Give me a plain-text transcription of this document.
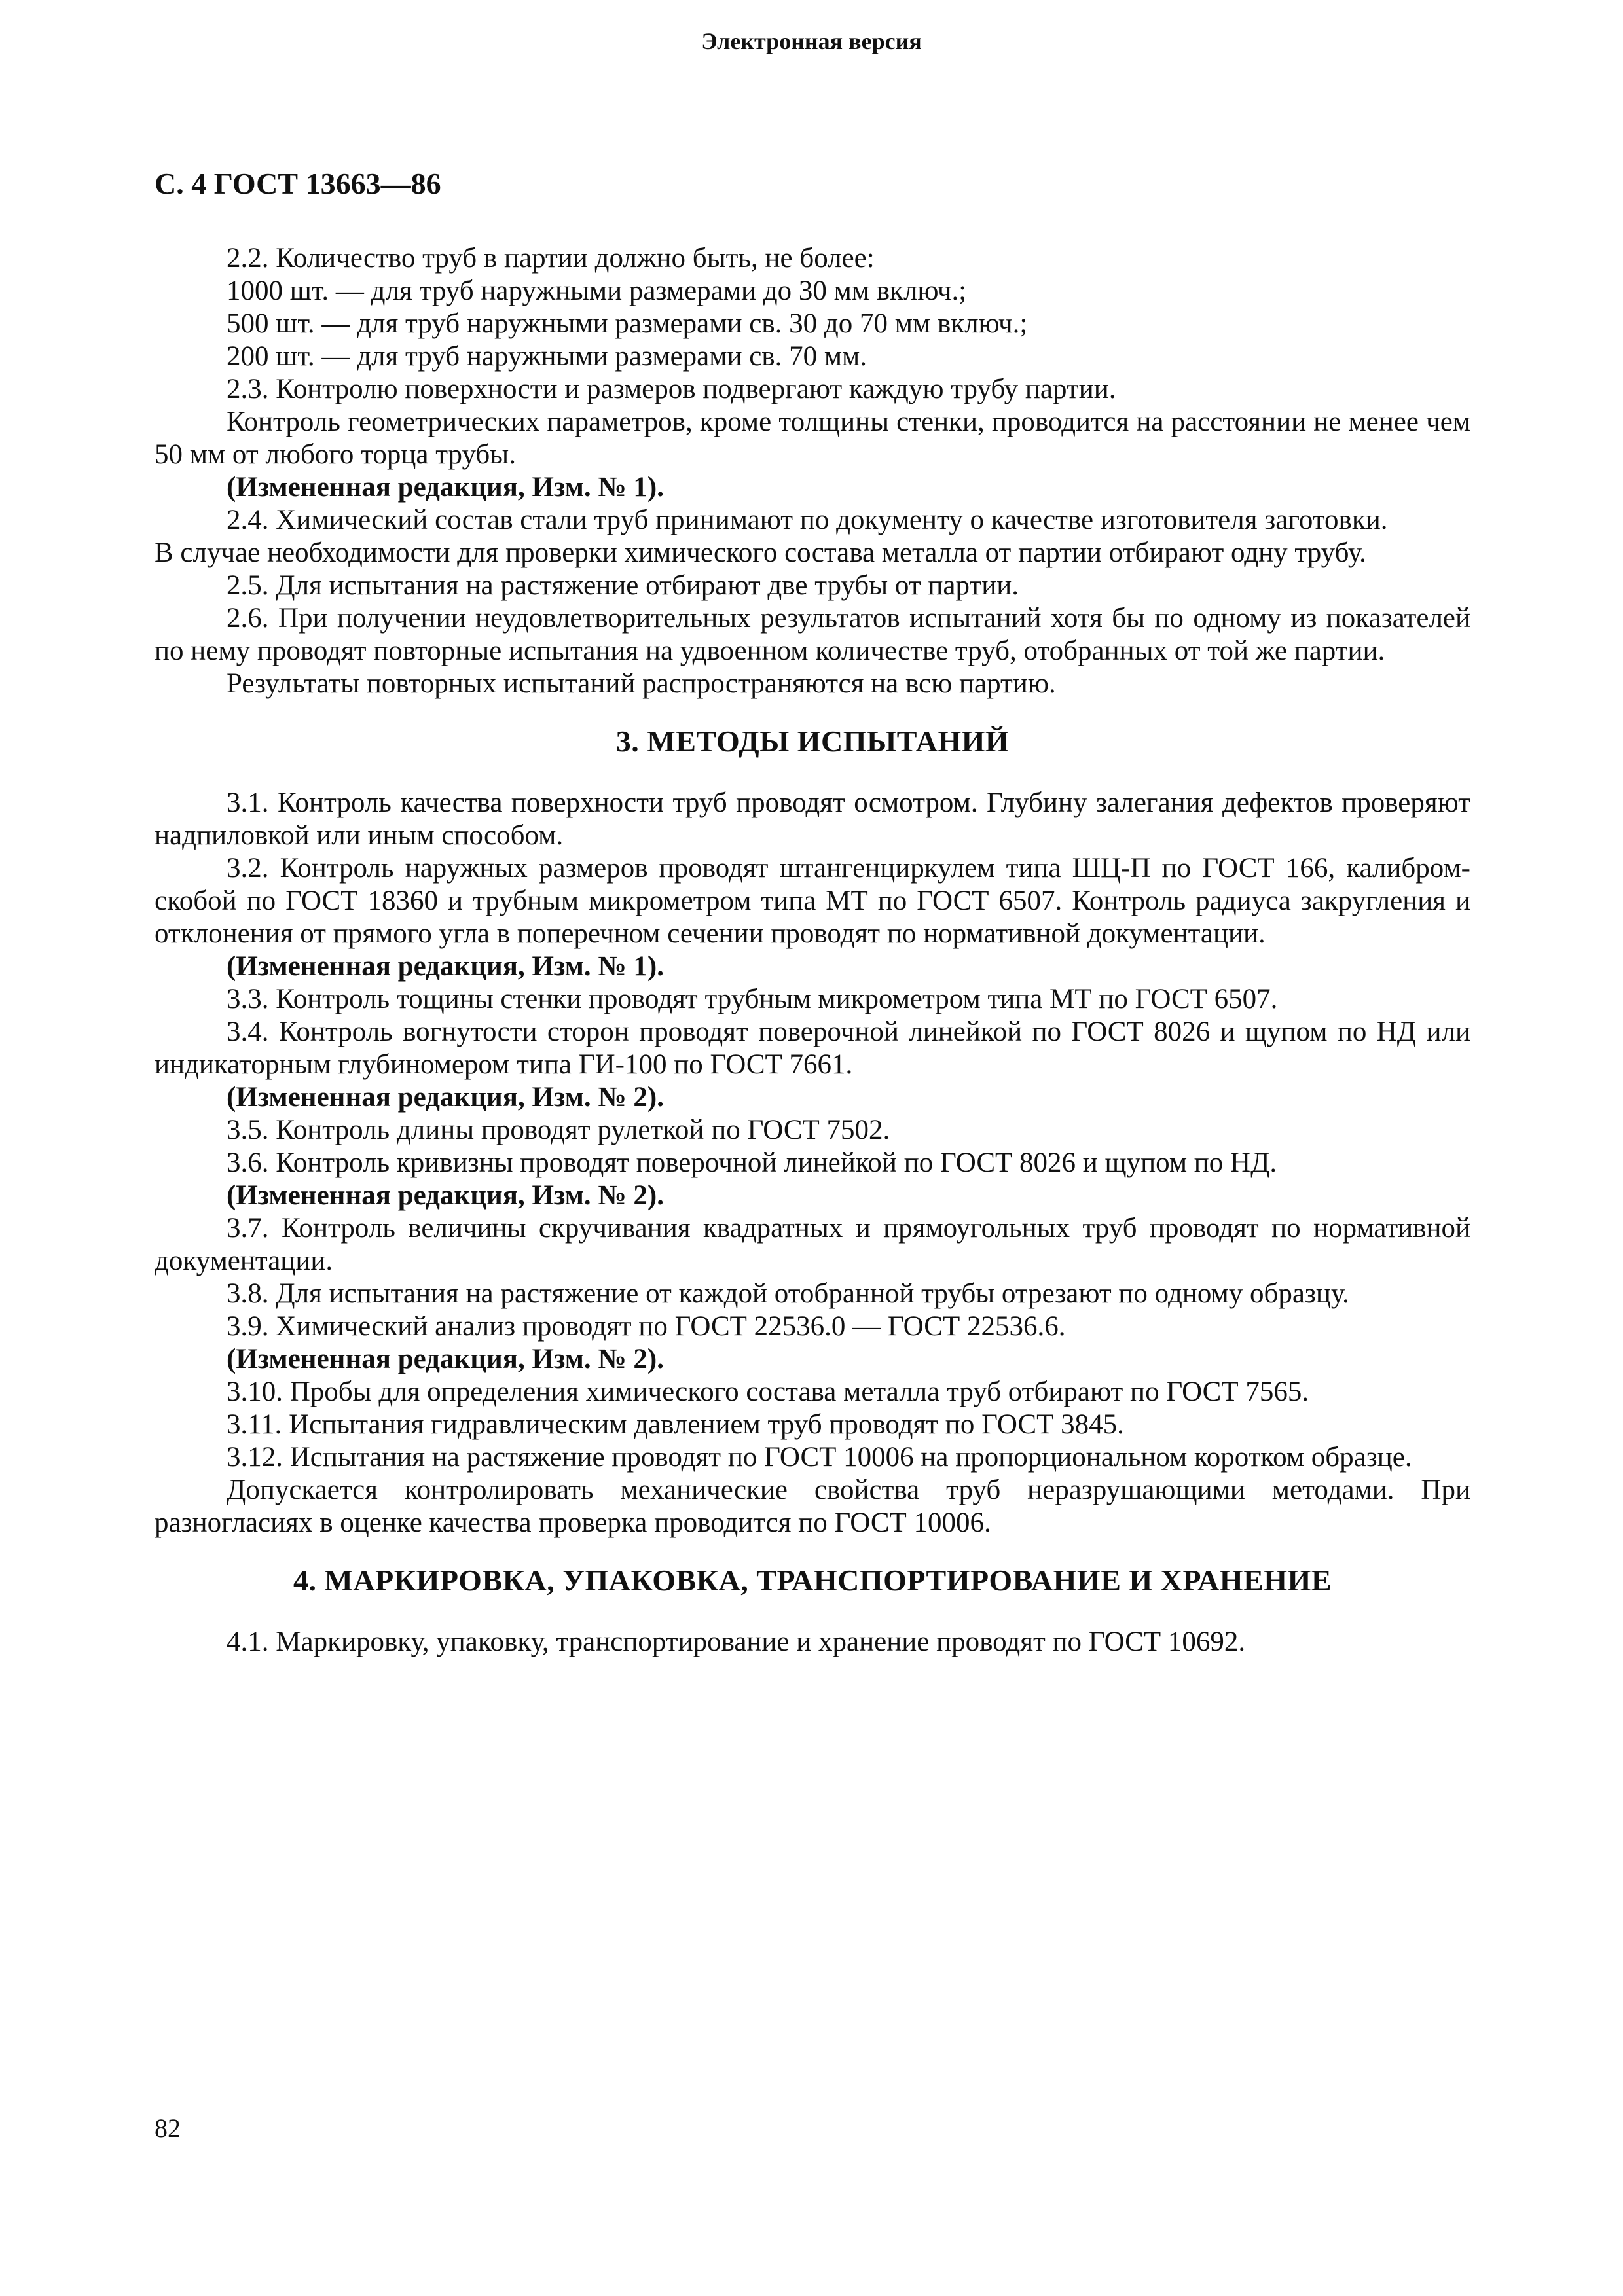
Электронная версия
С. 4 ГОСТ 13663—86

2.2. Количество труб в партии должно быть, не более:

1000 шт. — для труб наружными размерами до 30 мм включ.;

500 шт. — для труб наружными размерами св. 30 до 70 мм включ.;

200 шт. — для труб наружными размерами св. 70 мм.

2.3. Контролю поверхности и размеров подвергают каждую трубу партии.

Контроль геометрических параметров, кроме толщины стенки, проводится на расстоянии не менее чем 50 мм от любого торца трубы.

(Измененная редакция, Изм. № 1).

2.4. Химический состав стали труб принимают по документу о качестве изготовителя заготовки.

В случае необходимости для проверки химического состава металла от партии отбирают одну трубу.

2.5. Для испытания на растяжение отбирают две трубы от партии.

2.6. При получении неудовлетворительных результатов испытаний хотя бы по одному из показателей по нему проводят повторные испытания на удвоенном количестве труб, отобранных от той же партии.

Результаты повторных испытаний распространяются на всю партию.

3. МЕТОДЫ ИСПЫТАНИЙ

3.1. Контроль качества поверхности труб проводят осмотром. Глубину залегания дефектов проверяют надпиловкой или иным способом.

3.2. Контроль наружных размеров проводят штангенциркулем типа ШЦ-П по ГОСТ 166, калибром-скобой по ГОСТ 18360 и трубным микрометром типа МТ по ГОСТ 6507. Контроль радиуса закругления и отклонения от прямого угла в поперечном сечении проводят по нормативной документации.

(Измененная редакция, Изм. № 1).

3.3. Контроль тощины стенки проводят трубным микрометром типа МТ по ГОСТ 6507.

3.4. Контроль вогнутости сторон проводят поверочной линейкой по ГОСТ 8026 и щупом по НД или индикаторным глубиномером типа ГИ-100 по ГОСТ 7661.

(Измененная редакция, Изм. № 2).

3.5. Контроль длины проводят рулеткой по ГОСТ 7502.

3.6. Контроль кривизны проводят поверочной линейкой по ГОСТ 8026 и щупом по НД.

(Измененная редакция, Изм. № 2).

3.7. Контроль величины скручивания квадратных и прямоугольных труб проводят по нормативной документации.

3.8. Для испытания на растяжение от каждой отобранной трубы отрезают по одному образцу.

3.9. Химический анализ проводят по ГОСТ 22536.0 — ГОСТ 22536.6.

(Измененная редакция, Изм. № 2).

3.10. Пробы для определения химического состава металла труб отбирают по ГОСТ 7565.

3.11. Испытания гидравлическим давлением труб проводят по ГОСТ 3845.

3.12. Испытания на растяжение проводят по ГОСТ 10006 на пропорциональном коротком образце.

Допускается контролировать механические свойства труб неразрушающими методами. При разногласиях в оценке качества проверка проводится по ГОСТ 10006.

4. МАРКИРОВКА, УПАКОВКА, ТРАНСПОРТИРОВАНИЕ И ХРАНЕНИЕ

4.1. Маркировку, упаковку, транспортирование и хранение проводят по ГОСТ 10692.

82
